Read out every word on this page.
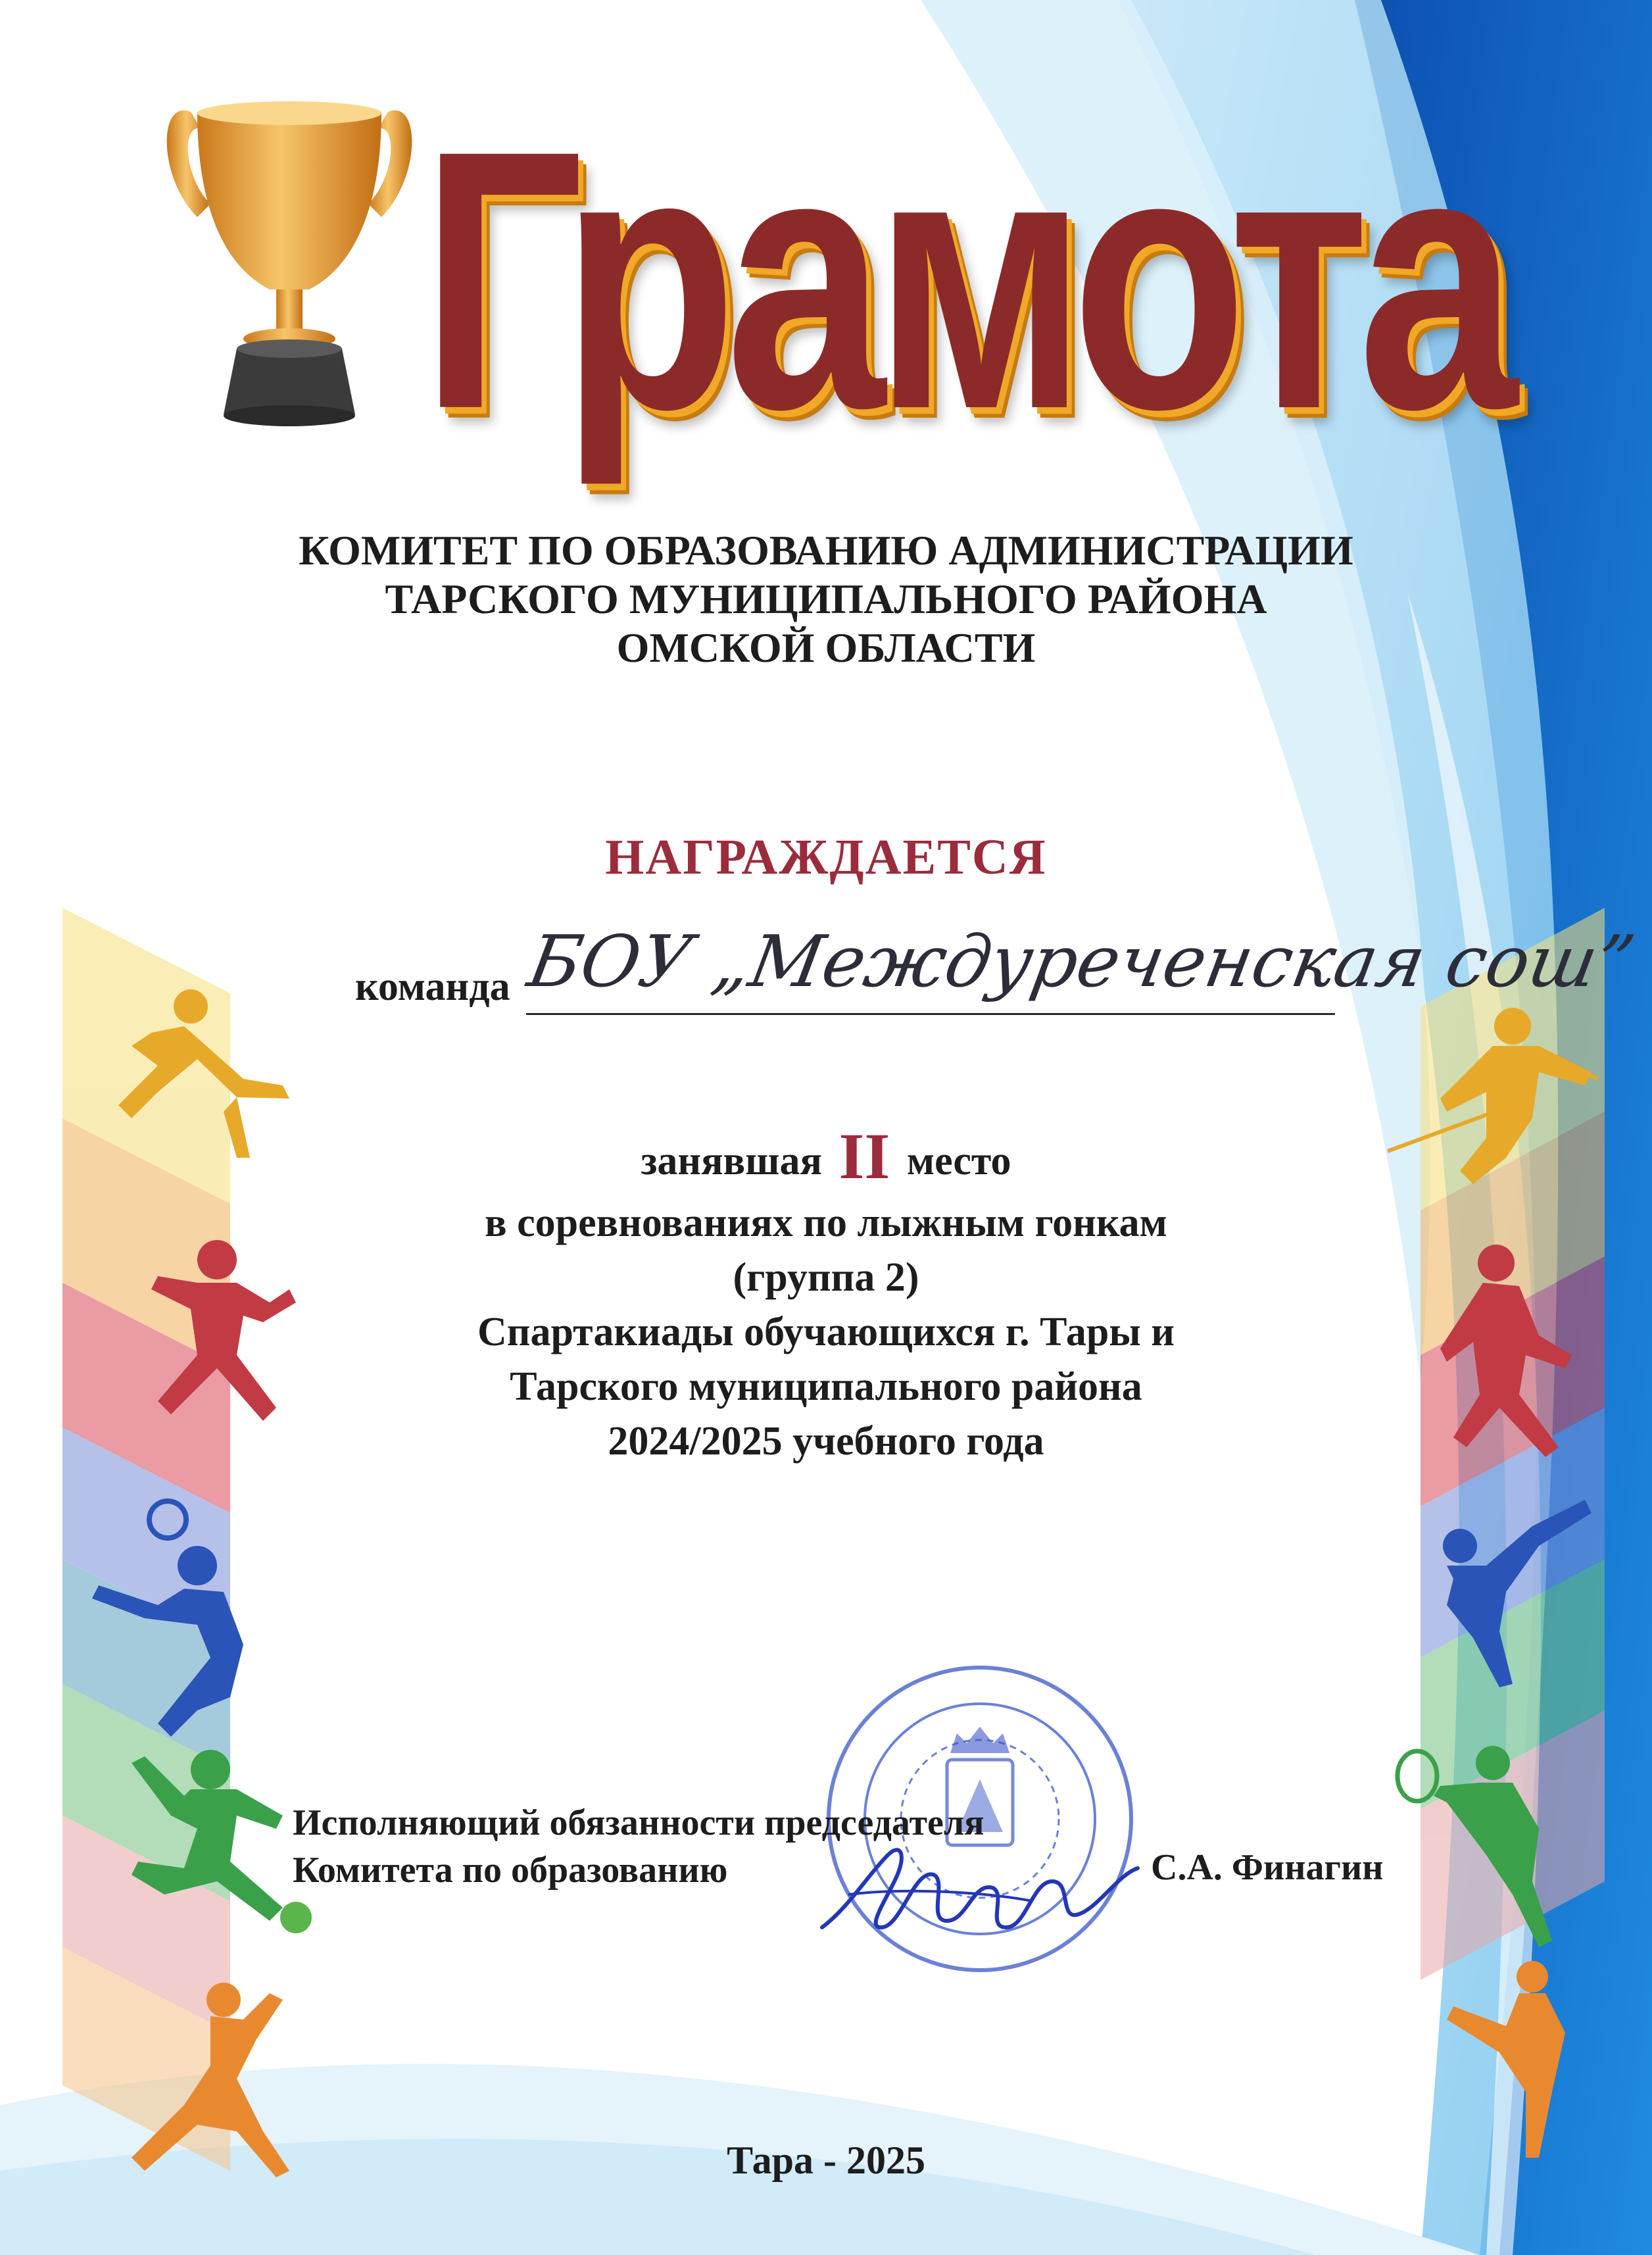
Грамота
КОМИТЕТ ПО ОБРАЗОВАНИЮ АДМИНИСТРАЦИИ
ТАРСКОГО МУНИЦИПАЛЬНОГО РАЙОНА
ОМСКОЙ ОБЛАСТИ
НАГРАЖДАЕТСЯ
команда БОУ „Междуреченская сош”
занявшая II место
в соревнованиях по лыжным гонкам
(группа 2)
Спартакиады обучающихся г. Тары и
Тарского муниципального района
2024/2025 учебного года
Исполняющий обязанности председателя
Комитета по образованию	С.А. Финагин
Тара - 2025
